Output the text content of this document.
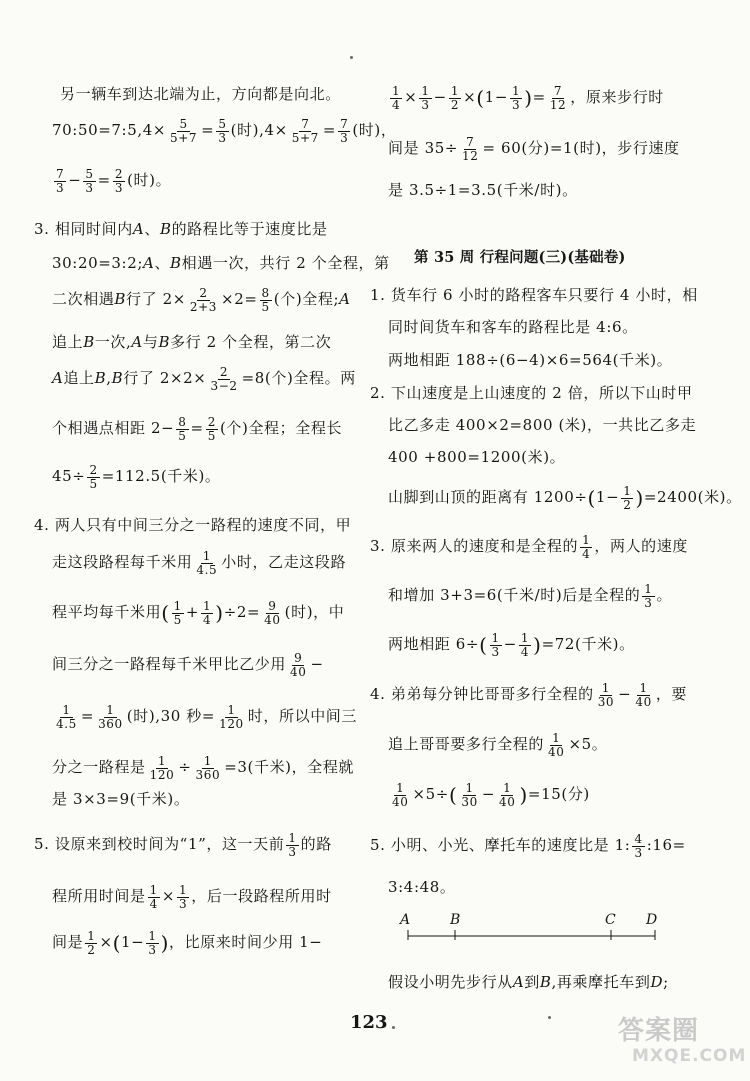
另一辆车到达北端为止，方向都是向北。
70:50=7:5,4× $\frac{5}{5+7} = \frac{5}{3}$ (时)$,4\times \frac{7}{5+7} = \frac{7}{3}$ (时)，
$\frac{7}{3} - \frac{5}{3} = \frac{2}{3}$ (时)。
3. 相同时间内A、B的路程比等于速度比是
30:20=3:2;A、B相遇一次，共行 2 个全程，第
二次相遇B行了 $2\times \frac{2}{2+3} \times 2= \frac{8}{5}$ (个)全程;A
追上B一次,A与B多行 2 个全程，第二次
A追上B,B行了 $2\times 2\times \frac{2}{3-2} =8$(个)全程。两
个相遇点相距 $2- \frac{8}{5} = \frac{2}{5}$ (个)全程；全程长
$45\div \frac{2}{5} =112.5$(千米)。
4. 两人只有中间三分之一路程的速度不同，甲
走这段路程每千米用 $\frac{1}{4.5}$ 小时，乙走这段路
程平均每千米用( $\frac{1}{5} + \frac{1}{4} )\div 2= \frac{9}{40}$ (时)，中
间三分之一路程每千米甲比乙少用 $\frac{9}{40}$ −
$\frac{1}{4.5} = \frac{1}{360}$ (时),30 秒= $\frac{1}{120}$ 时，所以中间三
分之一路程是 $\frac{1}{120} \div \frac{1}{360} =3$(千米)，全程就
是 3×3=9(千米)。
5. 设原来到校时间为“1”，这一天前 $\frac{1}{3}$ 的路
程所用时间是 $\frac{1}{4} \times \frac{1}{3}$ ，后一段路程所用时
间是 $\frac{1}{2} \times(1- \frac{1}{3}$ )，比原来时间少用 1−
$\frac{1}{4} \times \frac{1}{3} - \frac{1}{2} \times(1- \frac{1}{3}$ )= $\frac{7}{12}$ ，原来步行时
间是 $35\div \frac{7}{12} = 60$(分)=1(时)，步行速度
是 3.5÷1=3.5(千米/时)。
第 35 周 行程问题(三)(基础卷)
1. 货车行 6 小时的路程客车只要行 4 小时，相
同时间货车和客车的路程比是 4:6。
两地相距 188÷(6−4)×6=564(千米)。
2. 下山速度是上山速度的 2 倍，所以下山时甲
比乙多走 400×2=800 (米)，一共比乙多走
400 +800=1200(米)。
山脚到山顶的距离有 $1200\div(1- \frac{1}{2} )=2400$(米)。
3. 原来两人的速度和是全程的 $\frac{1}{4}$ ，两人的速度
和增加 3+3=6(千米/时)后是全程的 $\frac{1}{3}$ 。
两地相距 $6\div( \frac{1}{3} - \frac{1}{4} )=72$(千米)。
4. 弟弟每分钟比哥哥多行全程的 $\frac{1}{30} - \frac{1}{40}$ ，要
追上哥哥要多行全程的 $\frac{1}{40} \times 5$。
$\frac{1}{40} \times 5\div( \frac{1}{30} - \frac{1}{40} )=15$(分)
5. 小明、小光、摩托车的速度比是 1: $\frac{4}{3}$ :16=
3:4:48。
假设小明先步行从A到B,再乘摩托车到D;
A	B	C D
123	答案圈
MXQE.COM
